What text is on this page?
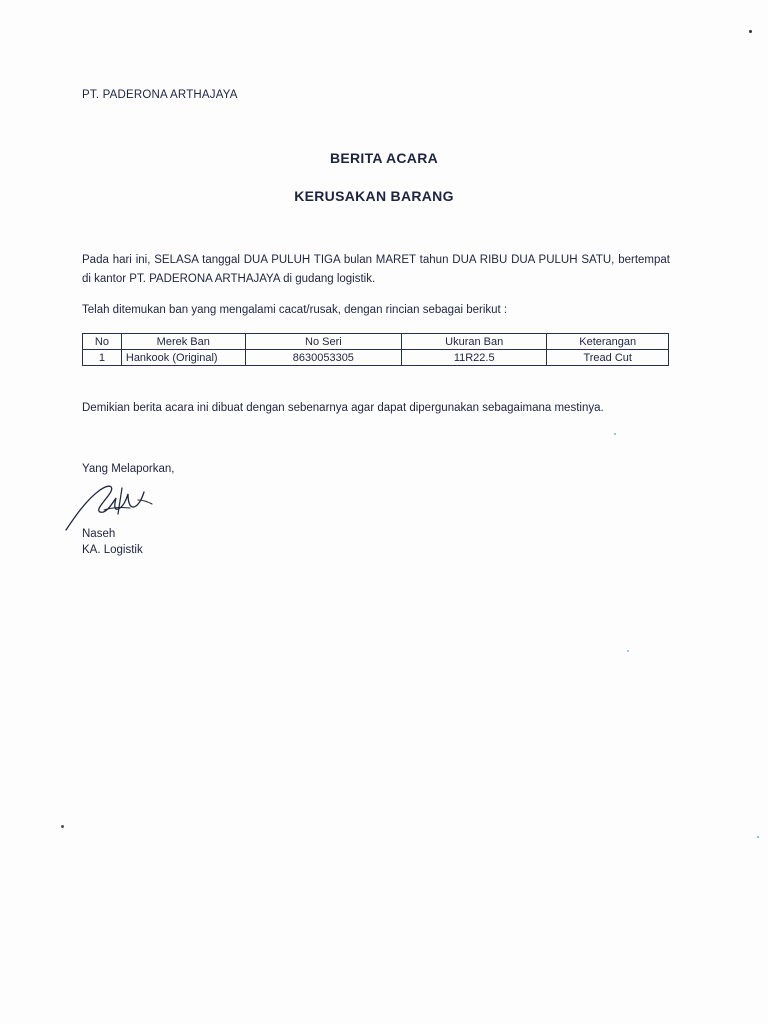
PT. PADERONA ARTHAJAYA
BERITA ACARA
KERUSAKAN BARANG
Pada hari ini, SELASA tanggal DUA PULUH TIGA bulan MARET tahun DUA RIBU DUA PULUH SATU, bertempat di kantor PT. PADERONA ARTHAJAYA di gudang logistik.
Telah ditemukan ban yang mengalami cacat/rusak, dengan rincian sebagai berikut :
No	Merek Ban	No Seri	Ukuran Ban	Keterangan
1	Hankook (Original)	8630053305	11R22.5	Tread Cut
Demikian berita acara ini dibuat dengan sebenarnya agar dapat dipergunakan sebagaimana mestinya.
Yang Melaporkan,
Naseh
KA. Logistik
